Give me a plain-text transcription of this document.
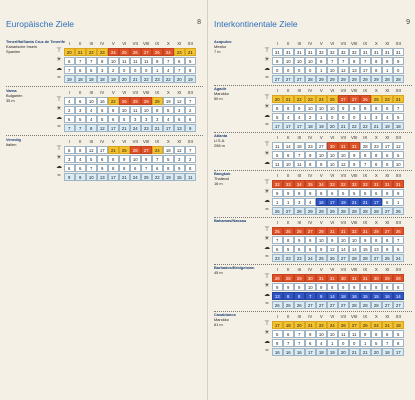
Europäische Ziele	8
Teneriffa/Santa Cruz de Tenerife
Kanarische Inseln
Spanien
I	II	III	IV	V	VI	VII	VIII	IX	X	XI	XII
⊤	20	21	22	23	24	25	26	27	26	24	23	21
☀	6	7	7	8	10	11	11	11	9	7	6	5
☁	7	6	5	3	2	0	0	0	1	4	7	8
≈	19	18	18	18	19	20	21	22	23	22	20	19
Varna
Bulgarien
35 m
I	II	III	IV	V	VI	VII	VIII	IX	X	XI	XII
⊤	4	6	10	16	22	26	29	29	25	19	12	7
☀	2	3	4	6	8	10	11	10	8	5	3	2
☁	6	5	4	5	6	5	3	3	3	4	6	6
≈	7	7	8	12	17	21	24	23	21	17	13	9
Venedig
Italien
I	II	III	IV	V	VI	VII	VIII	IX	X	XI	XII
⊤	6	8	12	17	21	25	28	27	24	18	12	7
☀	3	4	5	6	8	9	10	9	7	5	3	2
☁	6	6	7	9	8	8	6	7	6	8	9	8
≈	9	9	10	13	17	21	24	25	22	19	15	11
Interkontinentale Ziele	9
Acapulco
Mexiko
7 m
I	II	III	IV	V	VI	VII	VIII	IX	X	XI	XII
⊤	31	31	31	31	32	32	32	32	31	31	31	31
☀	9	10	10	10	9	7	7	8	7	8	9	9
☁	0	0	0	0	1	10	12	13	17	8	1	0
≈	27	27	27	28	29	29	29	29	29	29	28	28
Agadir
Marokko
50 m
I	II	III	IV	V	VI	VII	VIII	IX	X	XI	XII
⊤	20	21	22	23	24	25	27	27	26	25	23	21
☀	8	8	9	10	10	10	9	9	9	8	8	7
☁	5	4	4	2	1	0	0	0	1	3	4	5
≈	17	17	17	18	19	20	21	22	22	21	19	18
Atlanta
U.S.A.
298 m
I	II	III	IV	V	VI	VII	VIII	IX	X	XI	XII
⊤	11	14	18	23	27	30	31	31	28	23	17	12
☀	5	6	7	9	10	10	10	9	8	8	6	5
☁	11	10	11	8	9	10	12	9	7	6	8	10
Bangkok
Thailand
16 m
I	II	III	IV	V	VI	VII	VIII	IX	X	XI	XII
⊤	32	33	34	35	34	33	32	32	32	31	31	31
☀	9	9	9	9	8	6	5	5	5	6	8	9
☁	1	1	3	4	16	17	19	21	21	17	6	1
≈	26	27	28	29	29	29	28	28	28	28	27	26
Bahamas/Nassau	I	II	III	IV	V	VI	VII	VIII	IX	X	XI	XII
⊤	25	25	26	27	29	31	31	32	31	29	27	26
☀	7	8	9	9	10	9	10	10	9	8	8	7
☁	6	5	5	6	9	12	14	14	15	13	9	6
≈	23	23	23	24	25	26	27	28	28	27	25	24
Barbados/Bridgetown
45 m
I	II	III	IV	V	VI	VII	VIII	IX	X	XI	XII
⊤	28	28	29	30	31	31	30	31	31	30	29	28
☀	9	9	9	10	9	8	9	9	8	8	8	8
☁	13	8	8	7	9	14	18	16	15	15	16	14
≈	26	26	26	27	27	27	27	28	28	28	27	27
Casablanca
Marokko
61 m
I	II	III	IV	V	VI	VII	VIII	IX	X	XI	XII
⊤	17	18	20	21	22	24	26	27	26	24	21	18
☀	5	6	7	9	10	10	11	11	9	8	6	5
☁	8	7	7	6	4	1	0	0	1	5	7	8
≈	16	16	16	17	18	19	20	21	21	20	18	17
